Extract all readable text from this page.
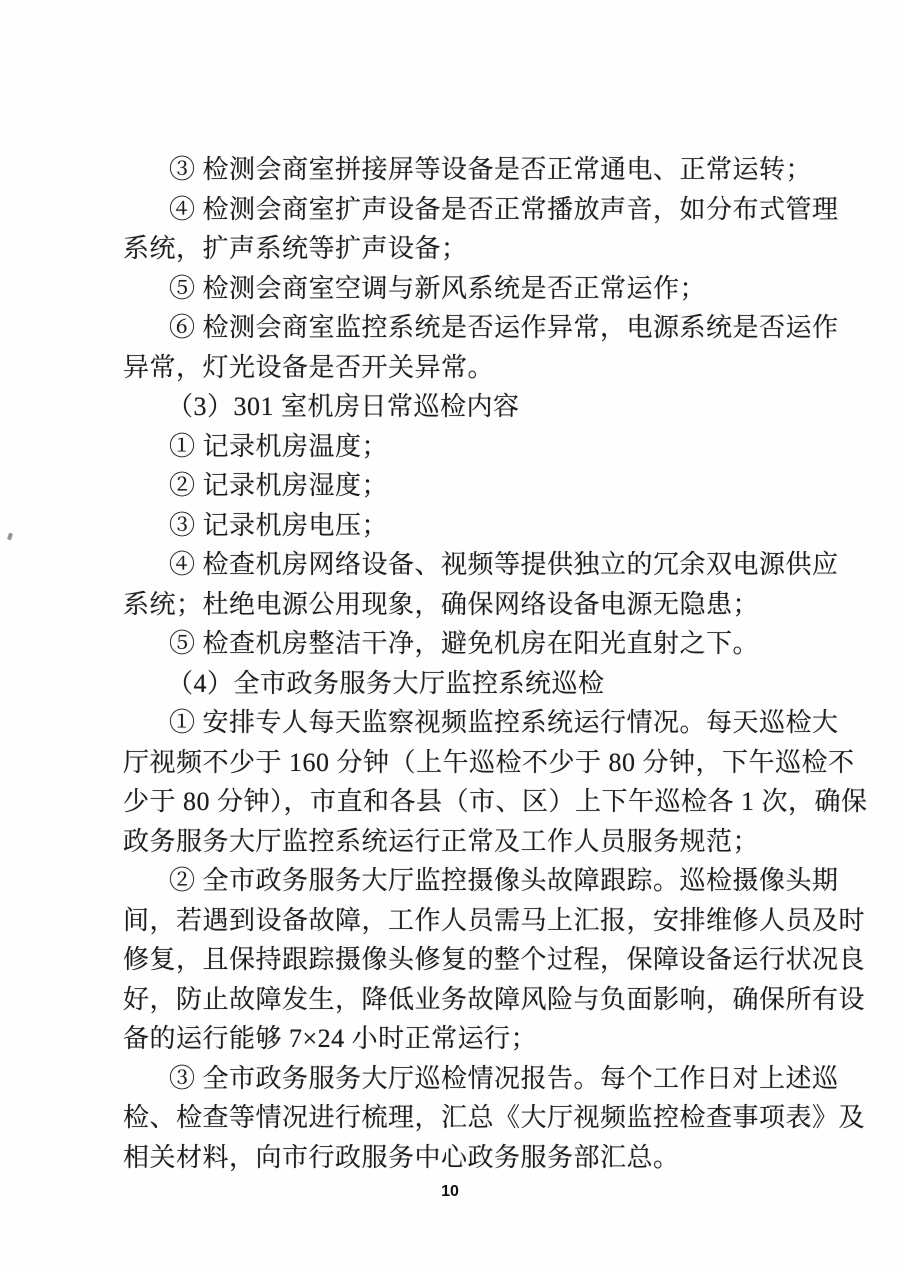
③ 检测会商室拼接屏等设备是否正常通电、正常运转；
④ 检测会商室扩声设备是否正常播放声音，如分布式管理
系统，扩声系统等扩声设备；
⑤ 检测会商室空调与新风系统是否正常运作；
⑥ 检测会商室监控系统是否运作异常，电源系统是否运作
异常，灯光设备是否开关异常。
（3）301 室机房日常巡检内容
① 记录机房温度；
② 记录机房湿度；
③ 记录机房电压；
④ 检查机房网络设备、视频等提供独立的冗余双电源供应
系统；杜绝电源公用现象，确保网络设备电源无隐患；
⑤ 检查机房整洁干净，避免机房在阳光直射之下。
（4）全市政务服务大厅监控系统巡检
① 安排专人每天监察视频监控系统运行情况。每天巡检大
厅视频不少于 160 分钟（上午巡检不少于 80 分钟，下午巡检不
少于 80 分钟），市直和各县（市、区）上下午巡检各 1 次，确保
政务服务大厅监控系统运行正常及工作人员服务规范；
② 全市政务服务大厅监控摄像头故障跟踪。巡检摄像头期
间，若遇到设备故障，工作人员需马上汇报，安排维修人员及时
修复，且保持跟踪摄像头修复的整个过程，保障设备运行状况良
好，防止故障发生，降低业务故障风险与负面影响，确保所有设
备的运行能够 7×24 小时正常运行；
③ 全市政务服务大厅巡检情况报告。每个工作日对上述巡
检、检查等情况进行梳理，汇总《大厅视频监控检查事项表》及
相关材料，向市行政服务中心政务服务部汇总。
10
